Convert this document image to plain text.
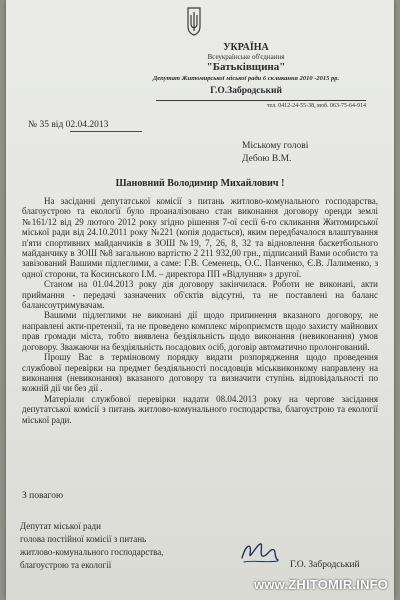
УКРАЇНА
Всеукраїнське об'єднання
"Батьківщина"
Депутат Житомирської міської ради 6 скликання 2010 -2015 рр.
Г.О.Забродський
тел. 0412-24-55-38, моб. 063-75-64-914
№ 35 від 02.04.2013
Міському голові
Дебою В.М.
Шановний Володимир Михайлович !

На засіданні депутатської комісії з питань житлово-комунального господарства, благоустрою та екології було проаналізовано стан виконання договору оренди землі №161/12 від 29 лютого 2012 року згідно рішення 7-ої сесії 6-го скликання Житомирської міської ради від 24.10.2011 року №221 (копія додається), яким передбачалося влаштування п'яти спортивних майданчиків в ЗОШ №19, 7, 26, 8, 32 та відновлення баскетбольного майданчику в ЗОШ №8 загальною вартістю 2 211 932,00 грн., підписаний Вами особисто та завізований Вашими підлеглими, а саме: Г.В. Семенець, О.С. Панченко, Є.В. Лалименко, з одної сторони, та Косинського І.М. – директора ПП «Відлуння» з другої.

Станом на 01.04.2013 року дія договору закінчилася. Роботи не виконані, акти приймання - передачі зазначених об'єктів відсутні, та не поставлені на баланс балансоутримувачам.

Вашими підлеглими не виконані дії щодо припинення вказаного договору, не направлені акти-претензії, та не проведено комплекс мiроприємств щодо захисту майнових прав громади міста, тобто виявлена бездіяльність щодо виконання (невиконання) умов договору. Зважаючи на бездіяльність посадових осіб, договір автоматично пролонгований.

Прошу Вас в терміновому порядку видати розпорядження щодо проведення службової перевірки на предмет бездіяльності посадовців міськвиконкому направлену на виконання (невиконання) вказаного договору та визначити ступінь відповідальності по кожній дії чи без дії .

Матеріали службової перевірки надати 08.04.2013 року на чергове засідання депутатської комісії з питань житлово-комунального господарства, благоустрою та екології міської ради.

З повагою
Депутат міської ради
голова постійної комісії з питань
житлово-комунального господарства,
благоустрою та екології	Г.О. Забродський
www.ZHITOMIR.INFO
